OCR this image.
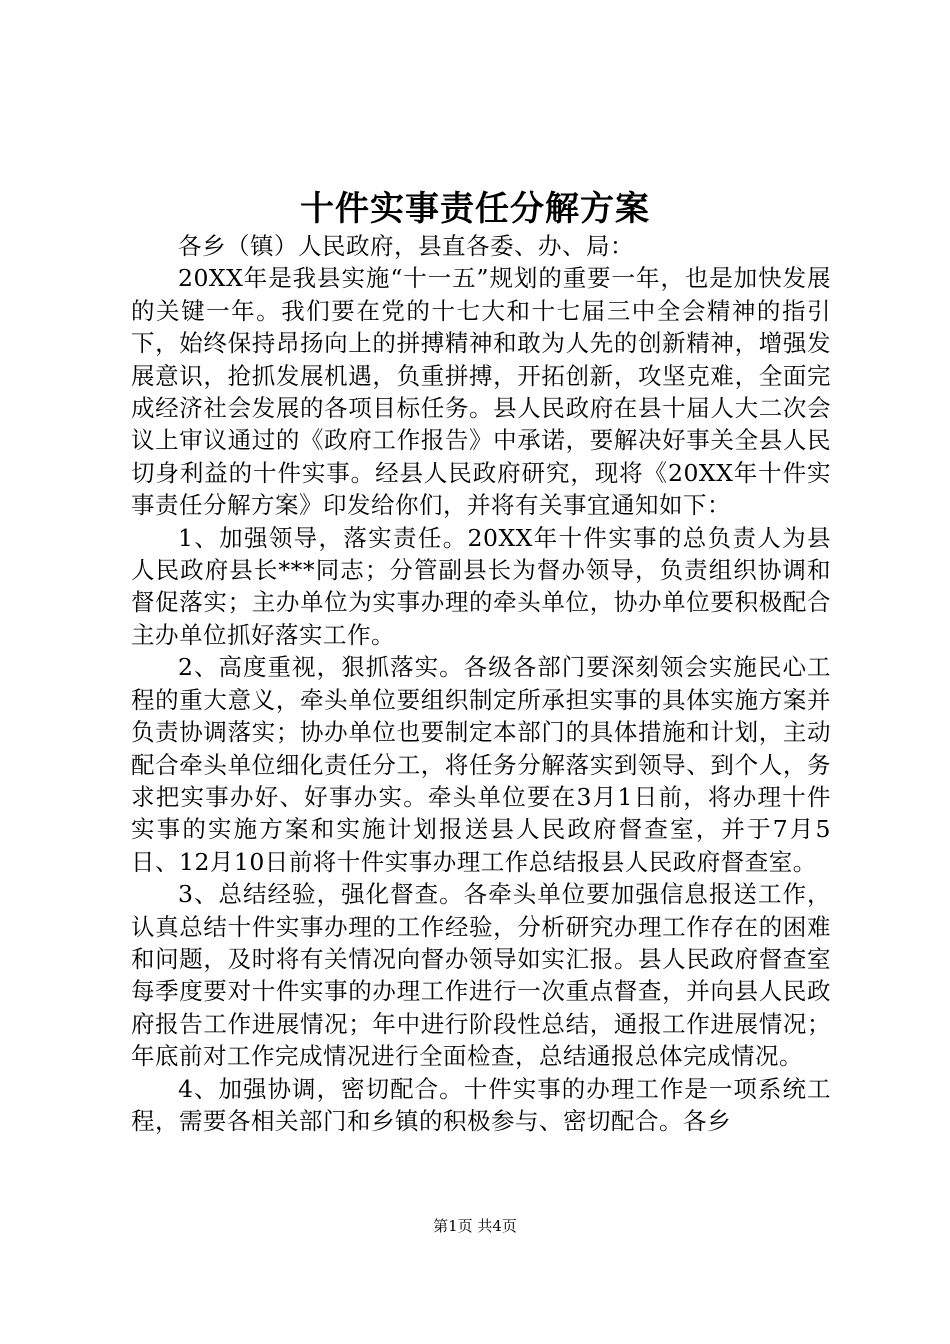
十件实事责任分解方案

各乡（镇）人民政府，县直各委、办、局：

20XX年是我县实施“十一五”规划的重要一年，也是加快发展的关键一年。我们要在党的十七大和十七届三中全会精神的指引下，始终保持昂扬向上的拼搏精神和敢为人先的创新精神，增强发展意识，抢抓发展机遇，负重拼搏，开拓创新，攻坚克难，全面完成经济社会发展的各项目标任务。县人民政府在县十届人大二次会议上审议通过的《政府工作报告》中承诺，要解决好事关全县人民切身利益的十件实事。经县人民政府研究，现将《20XX年十件实事责任分解方案》印发给你们，并将有关事宜通知如下：

1、加强领导，落实责任。20XX年十件实事的总负责人为县人民政府县长***同志；分管副县长为督办领导，负责组织协调和督促落实；主办单位为实事办理的牵头单位，协办单位要积极配合主办单位抓好落实工作。

2、高度重视，狠抓落实。各级各部门要深刻领会实施民心工程的重大意义，牵头单位要组织制定所承担实事的具体实施方案并负责协调落实；协办单位也要制定本部门的具体措施和计划，主动配合牵头单位细化责任分工，将任务分解落实到领导、到个人，务求把实事办好、好事办实。牵头单位要在3月1日前，将办理十件实事的实施方案和实施计划报送县人民政府督查室，并于7月5日、12月10日前将十件实事办理工作总结报县人民政府督查室。

3、总结经验，强化督查。各牵头单位要加强信息报送工作，认真总结十件实事办理的工作经验，分析研究办理工作存在的困难和问题，及时将有关情况向督办领导如实汇报。县人民政府督查室每季度要对十件实事的办理工作进行一次重点督查，并向县人民政府报告工作进展情况；年中进行阶段性总结，通报工作进展情况；年底前对工作完成情况进行全面检查，总结通报总体完成情况。

4、加强协调，密切配合。十件实事的办理工作是一项系统工程，需要各相关部门和乡镇的积极参与、密切配合。各乡

第1页 共4页
